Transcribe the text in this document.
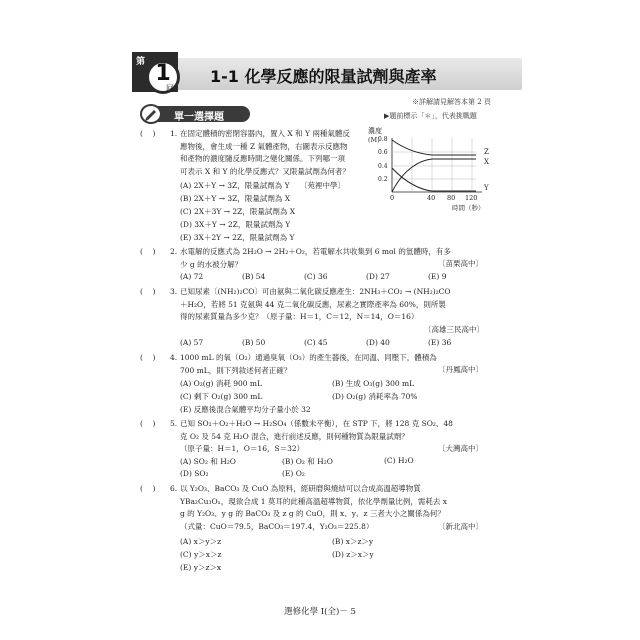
1
第
回
1-1 化學反應的限量試劑與產率
※詳解請見解答本第 2 頁
▶題前標示「＊」，代表挑戰題
單一選擇題
(    ) 1. 在固定體積的密閉容器內，置入 X 和 Y 兩種氣體反
應物後，會生成一種 Z 氣體產物，右圖表示反應物
和產物的濃度隨反應時間之變化關係。下列哪一項
可表示 X 和 Y 的化學反應式？又限量試劑為何者？
(A) 2X＋Y → 3Z，限量試劑為 Y 〔苑裡中學〕
(B) 2X＋Y → 3Z，限量試劑為 X
(C) 2X＋3Y → 2Z，限量試劑為 X
(D) 3X＋Y → 2Z，限量試劑為 Y
(E) 3X＋2Y → 2Z，限量試劑為 Y
濃度
(M)
0.8
0.6
0.4
0.2
0	40 80 120
時間（秒）
Z
X
Y
(    ) 2. 水電解的反應式為 2H₂O → 2H₂＋O₂，若電解水共收集到 6 mol 的氫體時，有多
少 g 的水被分解？	〔苗栗高中〕
(A) 72	(B) 54	(C) 36	(D) 27	(E) 9
(    ) 3. 已知尿素〔(NH₂)₂CO〕可由氨與二氧化碳反應產生：2NH₃＋CO₂ → (NH₂)₂CO
＋H₂O，若將 51 克氨與 44 克二氧化碳反應，尿素之實際產率為 60%，則所製
得的尿素質量為多少克？（原子量：H＝1，C＝12，N＝14，O＝16）
〔高雄三民高中〕
(A) 57	(B) 50	(C) 45	(D) 40	(E) 36
(    ) 4. 1000 mL 的氧（O₂）通過臭氧（O₃）的產生器後，在同溫、同壓下，體積為
700 mL，則下列敘述何者正確？	〔丹鳳高中〕
(A) O₂(g) 消耗 900 mL	(B) 生成 O₃(g) 300 mL
(C) 剩下 O₂(g) 300 mL	(D) O₂(g) 消耗率為 70%
(E) 反應後混合氣體平均分子量小於 32
(    ) 5. 已知 SO₂＋O₂＋H₂O → H₂SO₄（係數未平衡），在 STP 下，將 128 克 SO₂、48
克 O₂ 及 54 克 H₂O 混合，進行前述反應，則何種物質為限量試劑？
（原子量：H＝1，O＝16，S＝32）	〔大灣高中〕
(A) SO₂ 和 H₂O	(B) O₂ 和 H₂O	(C) H₂O
(D) SO₂	(E) O₂
(    ) 6. 以 Y₂O₃、BaCO₃ 及 CuO 為原料，經研磨與燒結可以合成高溫超導物質
YBa₂Cu₃Oₓ，現欲合成 1 莫耳的此種高溫超導物質，依化學劑量比例，需耗去 x
g 的 Y₂O₃、y g 的 BaCO₃ 及 z g 的 CuO，則 x、y、z 三者大小之關係為何？
（式量：CuO＝79.5，BaCO₃＝197.4，Y₂O₃＝225.8）	〔新北高中〕
(A) x＞y＞z	(B) x＞z＞y
(C) y＞x＞z	(D) z＞x＞y
(E) y＞z＞x
選修化學 I(全)－ 5
